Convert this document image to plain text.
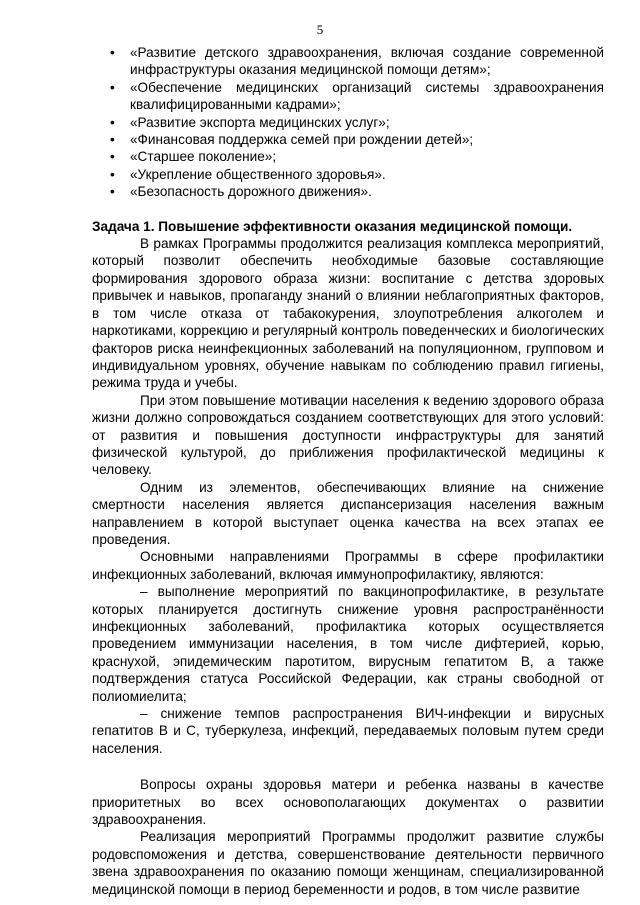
5
• «Развитие детского здравоохранения, включая создание современной инфраструктуры оказания медицинской помощи детям»;
• «Обеспечение медицинских организаций системы здравоохранения квалифицированными кадрами»;
• «Развитие экспорта медицинских услуг»;
• «Финансовая поддержка семей при рождении детей»;
• «Старшее поколение»;
• «Укрепление общественного здоровья».
• «Безопасность дорожного движения».
Задача 1. Повышение эффективности оказания медицинской помощи.

В рамках Программы продолжится реализация комплекса мероприятий, который позволит обеспечить необходимые базовые составляющие формирования здорового образа жизни: воспитание с детства здоровых привычек и навыков, пропаганду знаний о влиянии неблагоприятных факторов, в том числе отказа от табакокурения, злоупотребления алкоголем и наркотиками, коррекцию и регулярный контроль поведенческих и биологических факторов риска неинфекционных заболеваний на популяционном, групповом и индивидуальном уровнях, обучение навыкам по соблюдению правил гигиены, режима труда и учебы.

При этом повышение мотивации населения к ведению здорового образа жизни должно сопровождаться созданием соответствующих для этого условий: от развития и повышения доступности инфраструктуры для занятий физической культурой, до приближения профилактической медицины к человеку.

Одним из элементов, обеспечивающих влияние на снижение смертности населения является диспансеризация населения важным направлением в которой выступает оценка качества на всех этапах ее проведения.

Основными направлениями Программы в сфере профилактики инфекционных заболеваний, включая иммунопрофилактику, являются:

– выполнение мероприятий по вакцинопрофилактике, в результате которых планируется достигнуть снижение уровня распространённости инфекционных заболеваний, профилактика которых осуществляется проведением иммунизации населения, в том числе дифтерией, корью, краснухой, эпидемическим паротитом, вирусным гепатитом В, а также подтверждения статуса Российской Федерации, как страны свободной от полиомиелита;

– снижение темпов распространения ВИЧ-инфекции и вирусных гепатитов В и С, туберкулеза, инфекций, передаваемых половым путем среди населения.

Вопросы охраны здоровья матери и ребенка названы в качестве приоритетных во всех основополагающих документах о развитии здравоохранения.

Реализация мероприятий Программы продолжит развитие службы родовспоможения и детства, совершенствование деятельности первичного звена здравоохранения по оказанию помощи женщинам, специализированной медицинской помощи в период беременности и родов, в том числе развитие
